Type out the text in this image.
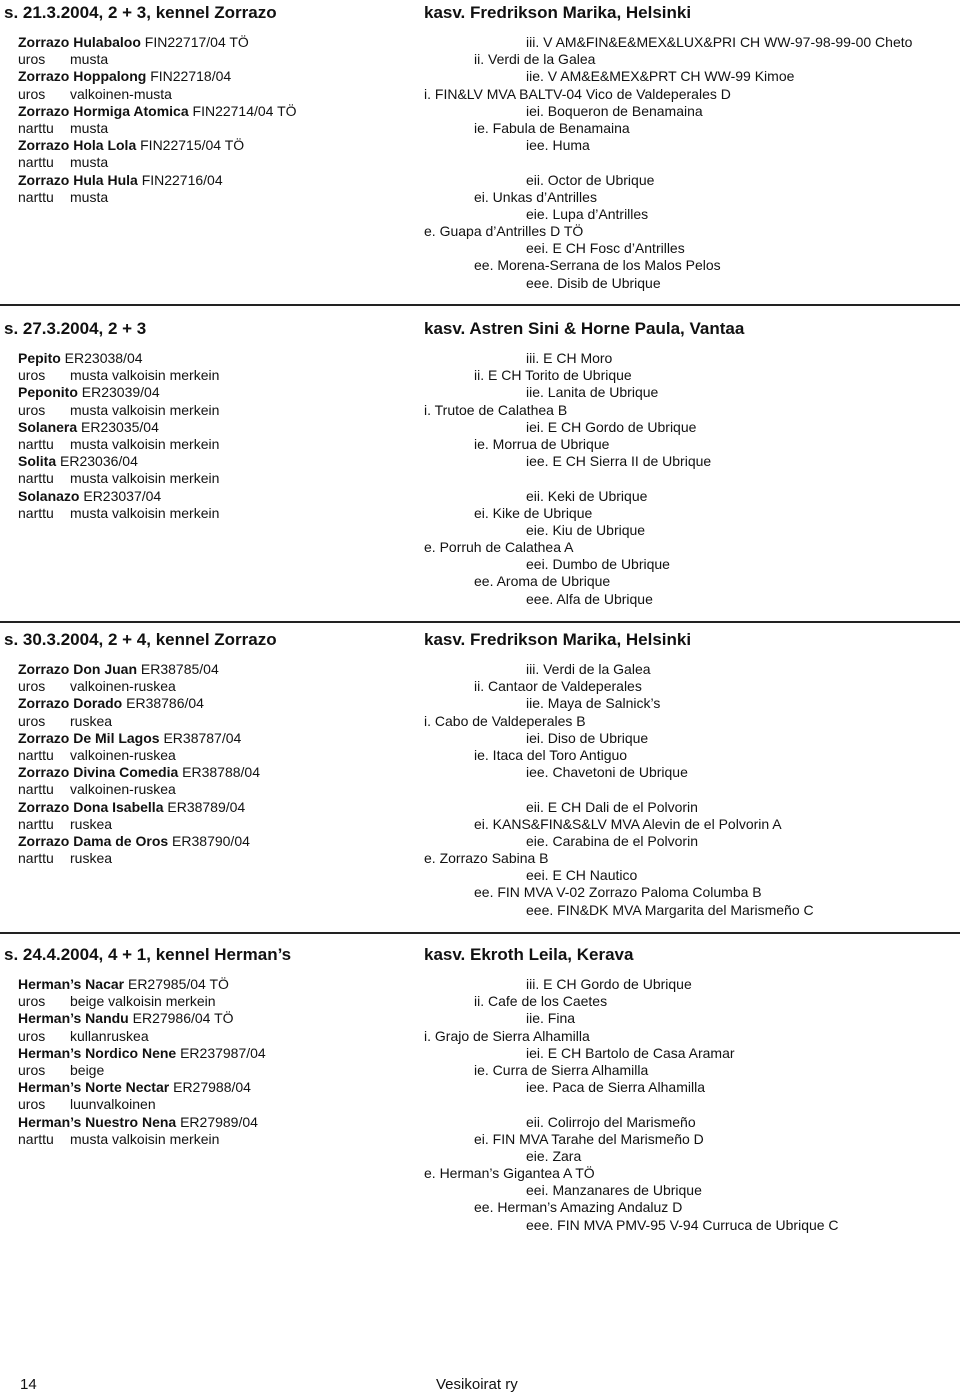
s. 21.3.2004, 2 + 3, kennel Zorrazo	kasv. Fredrikson Marika, Helsinki
Zorrazo Hulabaloo FIN22717/04 TÖ
uros musta
Zorrazo Hoppalong FIN22718/04
uros valkoinen-musta
Zorrazo Hormiga Atomica FIN22714/04 TÖ
narttu musta
Zorrazo Hola Lola FIN22715/04 TÖ
narttu musta
Zorrazo Hula Hula FIN22716/04
narttu musta
iii. V AM&FIN&E&MEX&LUX&PRI CH WW-97-98-99-00 Cheto
ii. Verdi de la Galea
iie. V AM&E&MEX&PRT CH WW-99 Kimoe
i. FIN&LV MVA BALTV-04 Vico de Valdeperales D
iei. Boqueron de Benamaina
ie. Fabula de Benamaina
iee. Huma
eii. Octor de Ubrique
ei. Unkas d’Antrilles
eie. Lupa d’Antrilles
e. Guapa d’Antrilles D TÖ
eei. E CH Fosc d’Antrilles
ee. Morena-Serrana de los Malos Pelos
eee. Disib de Ubrique
s. 27.3.2004, 2 + 3	kasv. Astren Sini & Horne Paula, Vantaa
Pepito ER23038/04
uros musta valkoisin merkein
Peponito ER23039/04
uros musta valkoisin merkein
Solanera ER23035/04
narttu musta valkoisin merkein
Solita ER23036/04
narttu musta valkoisin merkein
Solanazo ER23037/04
narttu musta valkoisin merkein
iii. E CH Moro
ii. E CH Torito de Ubrique
iie. Lanita de Ubrique
i. Trutoe de Calathea B
iei. E CH Gordo de Ubrique
ie. Morrua de Ubrique
iee. E CH Sierra II de Ubrique
eii. Keki de Ubrique
ei. Kike de Ubrique
eie. Kiu de Ubrique
e. Porruh de Calathea A
eei. Dumbo de Ubrique
ee. Aroma de Ubrique
eee. Alfa de Ubrique
s. 30.3.2004, 2 + 4, kennel Zorrazo	kasv. Fredrikson Marika, Helsinki
Zorrazo Don Juan ER38785/04
uros valkoinen-ruskea
Zorrazo Dorado ER38786/04
uros ruskea
Zorrazo De Mil Lagos ER38787/04
narttu valkoinen-ruskea
Zorrazo Divina Comedia ER38788/04
narttu valkoinen-ruskea
Zorrazo Dona Isabella ER38789/04
narttu ruskea
Zorrazo Dama de Oros ER38790/04
narttu ruskea
iii. Verdi de la Galea
ii. Cantaor de Valdeperales
iie. Maya de Salnick’s
i. Cabo de Valdeperales B
iei. Diso de Ubrique
ie. Itaca del Toro Antiguo
iee. Chavetoni de Ubrique
eii. E CH Dali de el Polvorin
ei. KANS&FIN&S&LV MVA Alevin de el Polvorin A
eie. Carabina de el Polvorin
e. Zorrazo Sabina B
eei. E CH Nautico
ee. FIN MVA V-02 Zorrazo Paloma Columba B
eee. FIN&DK MVA Margarita del Marismeño C
s. 24.4.2004, 4 + 1, kennel Herman’s	kasv. Ekroth Leila, Kerava
Herman’s Nacar ER27985/04 TÖ
uros beige valkoisin merkein
Herman’s Nandu ER27986/04 TÖ
uros kullanruskea
Herman’s Nordico Nene ER237987/04
uros beige
Herman’s Norte Nectar ER27988/04
uros luunvalkoinen
Herman’s Nuestro Nena ER27989/04
narttu musta valkoisin merkein
iii. E CH Gordo de Ubrique
ii. Cafe de los Caetes
iie. Fina
i. Grajo de Sierra Alhamilla
iei. E CH Bartolo de Casa Aramar
ie. Curra de Sierra Alhamilla
iee. Paca de Sierra Alhamilla
eii. Colirrojo del Marismeño
ei. FIN MVA Tarahe del Marismeño D
eie. Zara
e. Herman’s Gigantea A TÖ
eei. Manzanares de Ubrique
ee. Herman’s Amazing Andaluz D
eee. FIN MVA PMV-95 V-94 Curruca de Ubrique C
14	Vesikoirat ry
